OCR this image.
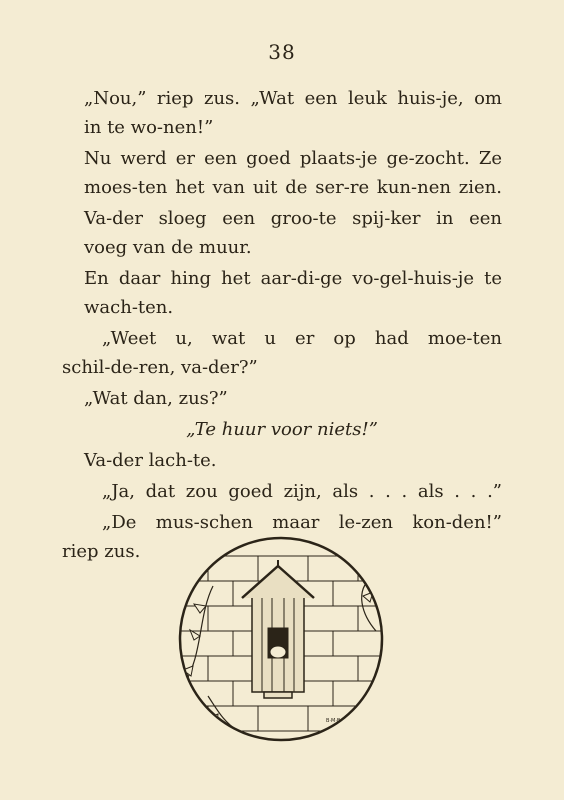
38

„Nou,” riep zus. „Wat een leuk huis-je, om
in te wo-nen!”

Nu werd er een goed plaats-je ge-zocht. Ze
moes-ten het van uit de ser-re kun-nen zien.

Va-der sloeg een groo-te spij-ker in een
voeg van de muur.

En daar hing het aar-di-ge vo-gel-huis-je te
wach-ten.

„Weet u, wat u er op had moe-ten
schil-de-ren, va-der?”

„Wat dan, zus?”

„Te huur voor niets!”

Va-der lach-te.

„Ja, dat zou goed zijn, als . . . als . . .”

„De mus-schen maar le-zen kon-den!”
riep zus.

B·M·B
